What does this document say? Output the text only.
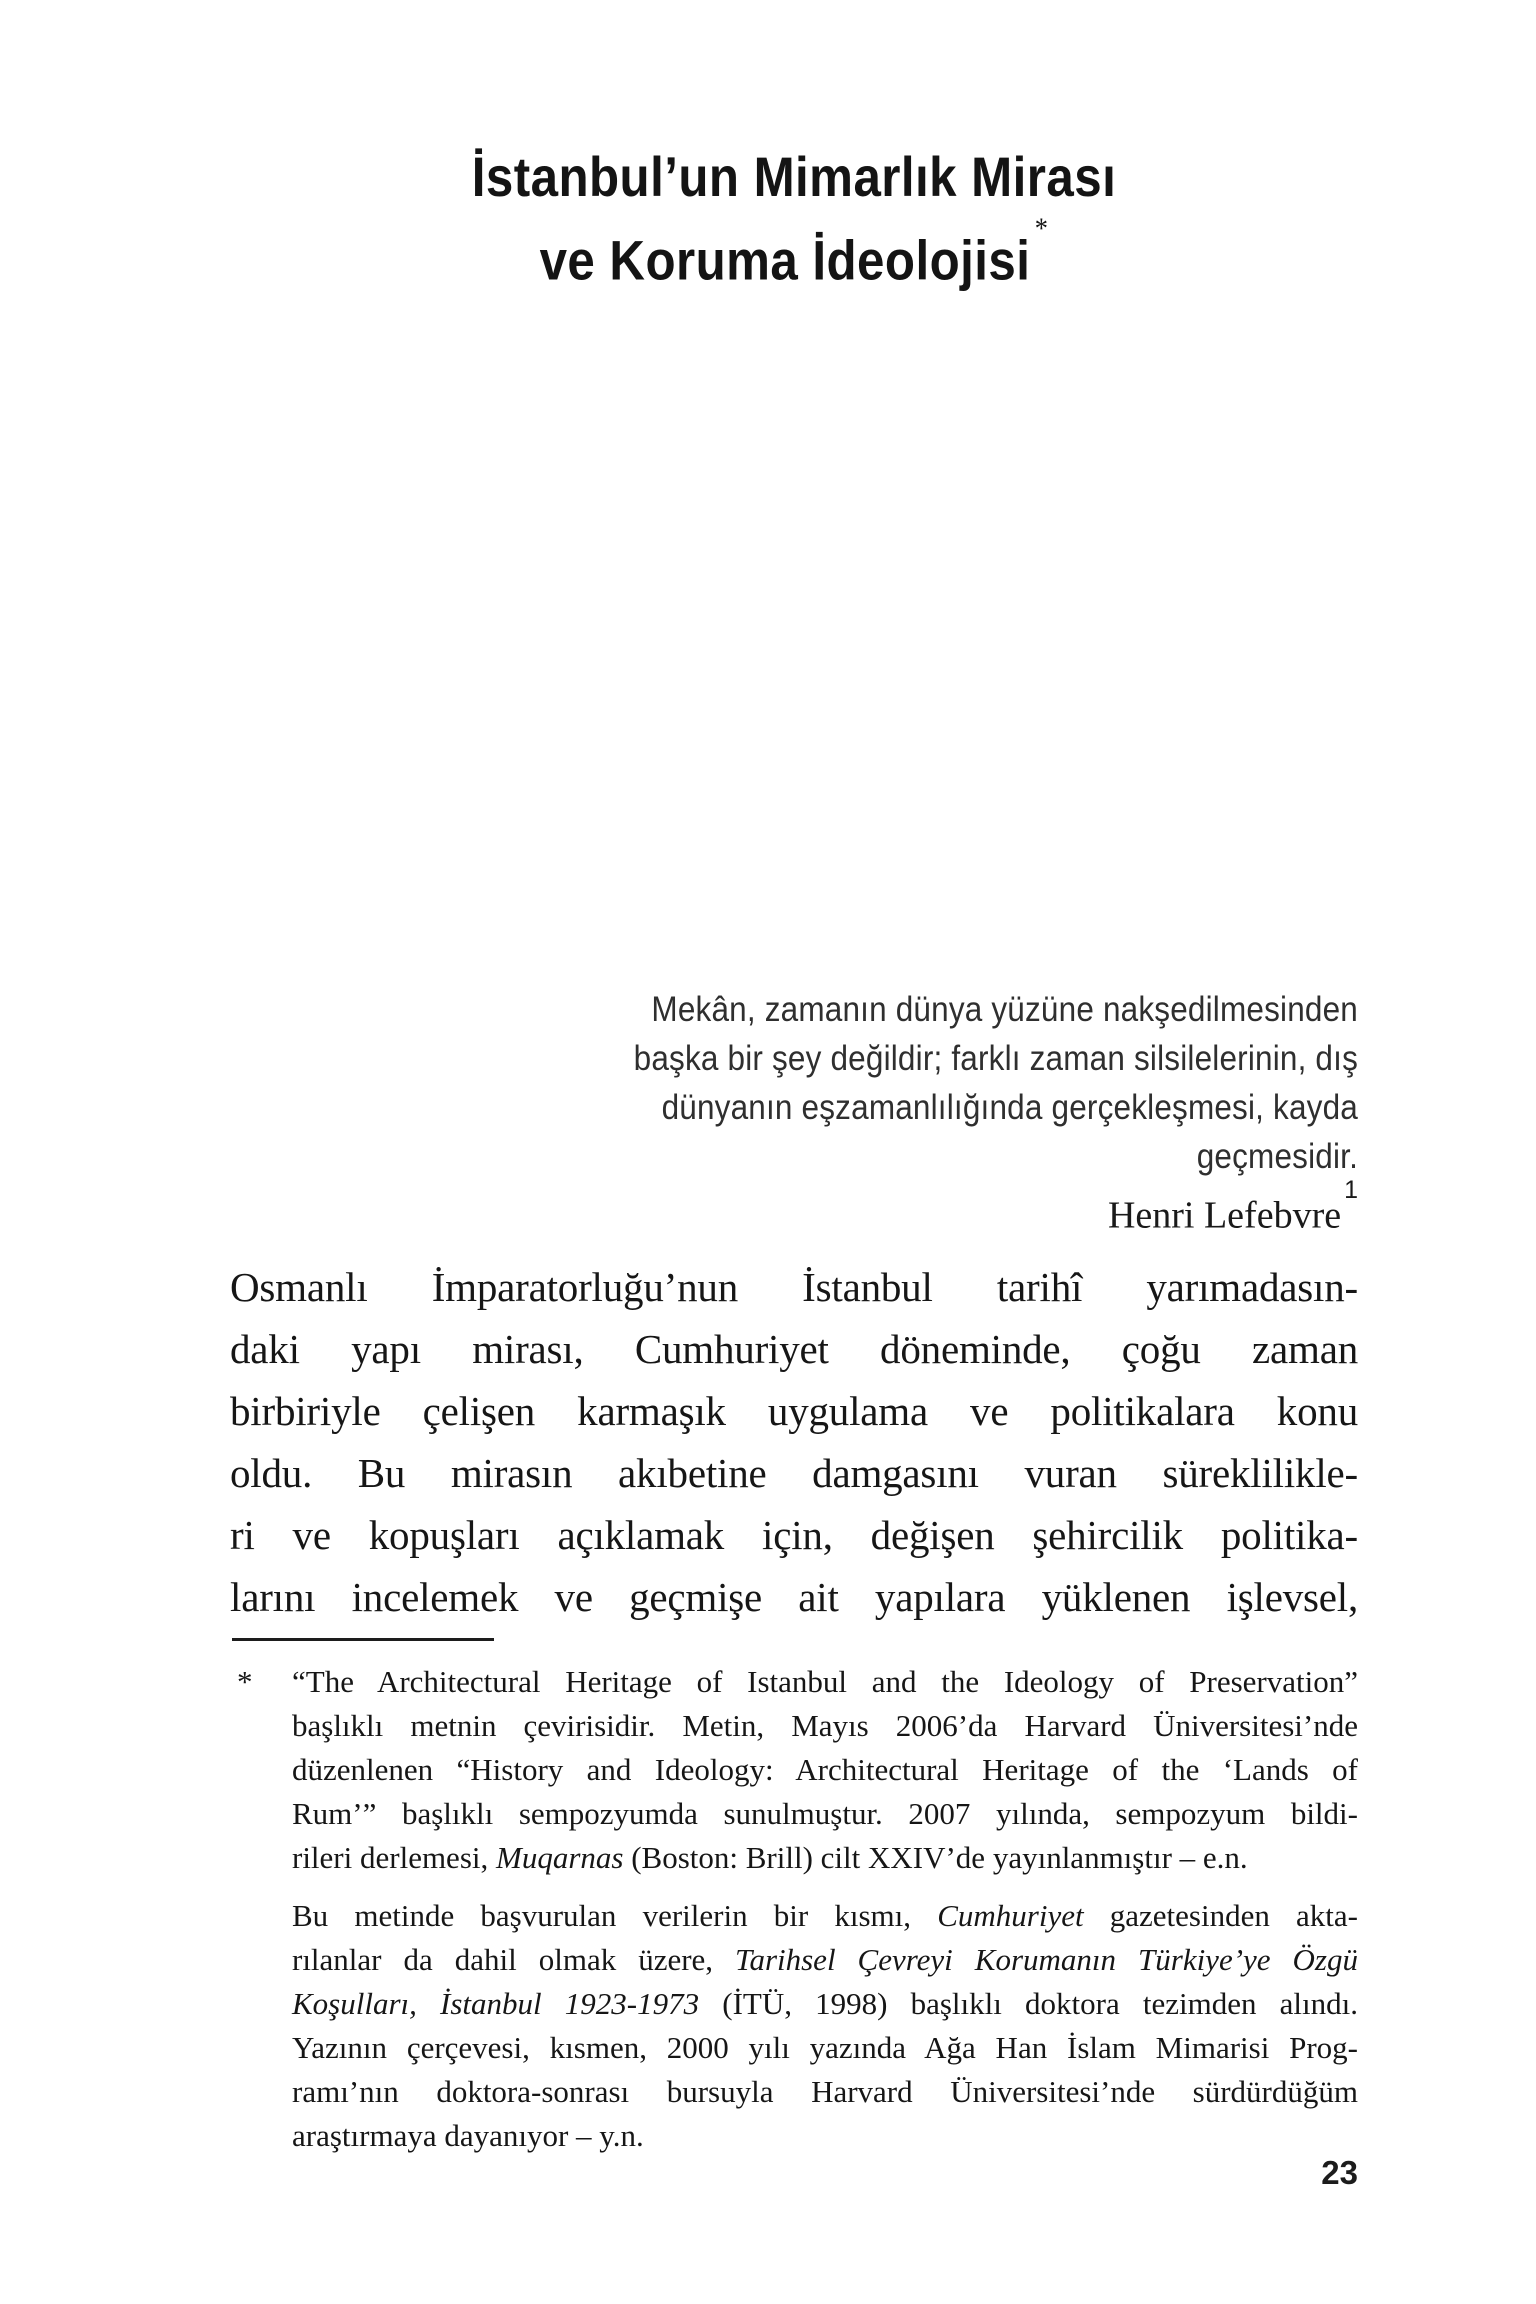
İstanbul’un Mimarlık Mirası
ve Koruma İdeolojisi*
Mekân, zamanın dünya yüzüne nakşedilmesinden
başka bir şey değildir; farklı zaman silsilelerinin, dış
dünyanın eşzamanlılığında gerçekleşmesi, kayda
geçmesidir.
Henri Lefebvre$^1$
Osmanlı İmparatorluğu’nun İstanbul tarihî yarımadasın-
daki yapı mirası, Cumhuriyet döneminde, çoğu zaman
birbiriyle çelişen karmaşık uygulama ve politikalara konu
oldu. Bu mirasın akıbetine damgasını vuran süreklilikle-
ri ve kopuşları açıklamak için, değişen şehircilik politika-
larını incelemek ve geçmişe ait yapılara yüklenen işlevsel,
* “The Architectural Heritage of Istanbul and the Ideology of Preservation”
başlıklı metnin çevirisidir. Metin, Mayıs 2006’da Harvard Üniversitesi’nde
düzenlenen “History and Ideology: Architectural Heritage of the ‘Lands of
Rum’” başlıklı sempozyumda sunulmuştur. 2007 yılında, sempozyum bildi-
rileri derlemesi, Muqarnas (Boston: Brill) cilt XXIV’de yayınlanmıştır – e.n.
Bu metinde başvurulan verilerin bir kısmı, Cumhuriyet gazetesinden akta-
rılanlar da dahil olmak üzere, Tarihsel Çevreyi Korumanın Türkiye’ye Özgü
Koşulları, İstanbul 1923-1973 (İTÜ, 1998) başlıklı doktora tezimden alındı.
Yazının çerçevesi, kısmen, 2000 yılı yazında Ağa Han İslam Mimarisi Prog-
ramı’nın doktora-sonrası bursuyla Harvard Üniversitesi’nde sürdürdüğüm
araştırmaya dayanıyor – y.n.
23
